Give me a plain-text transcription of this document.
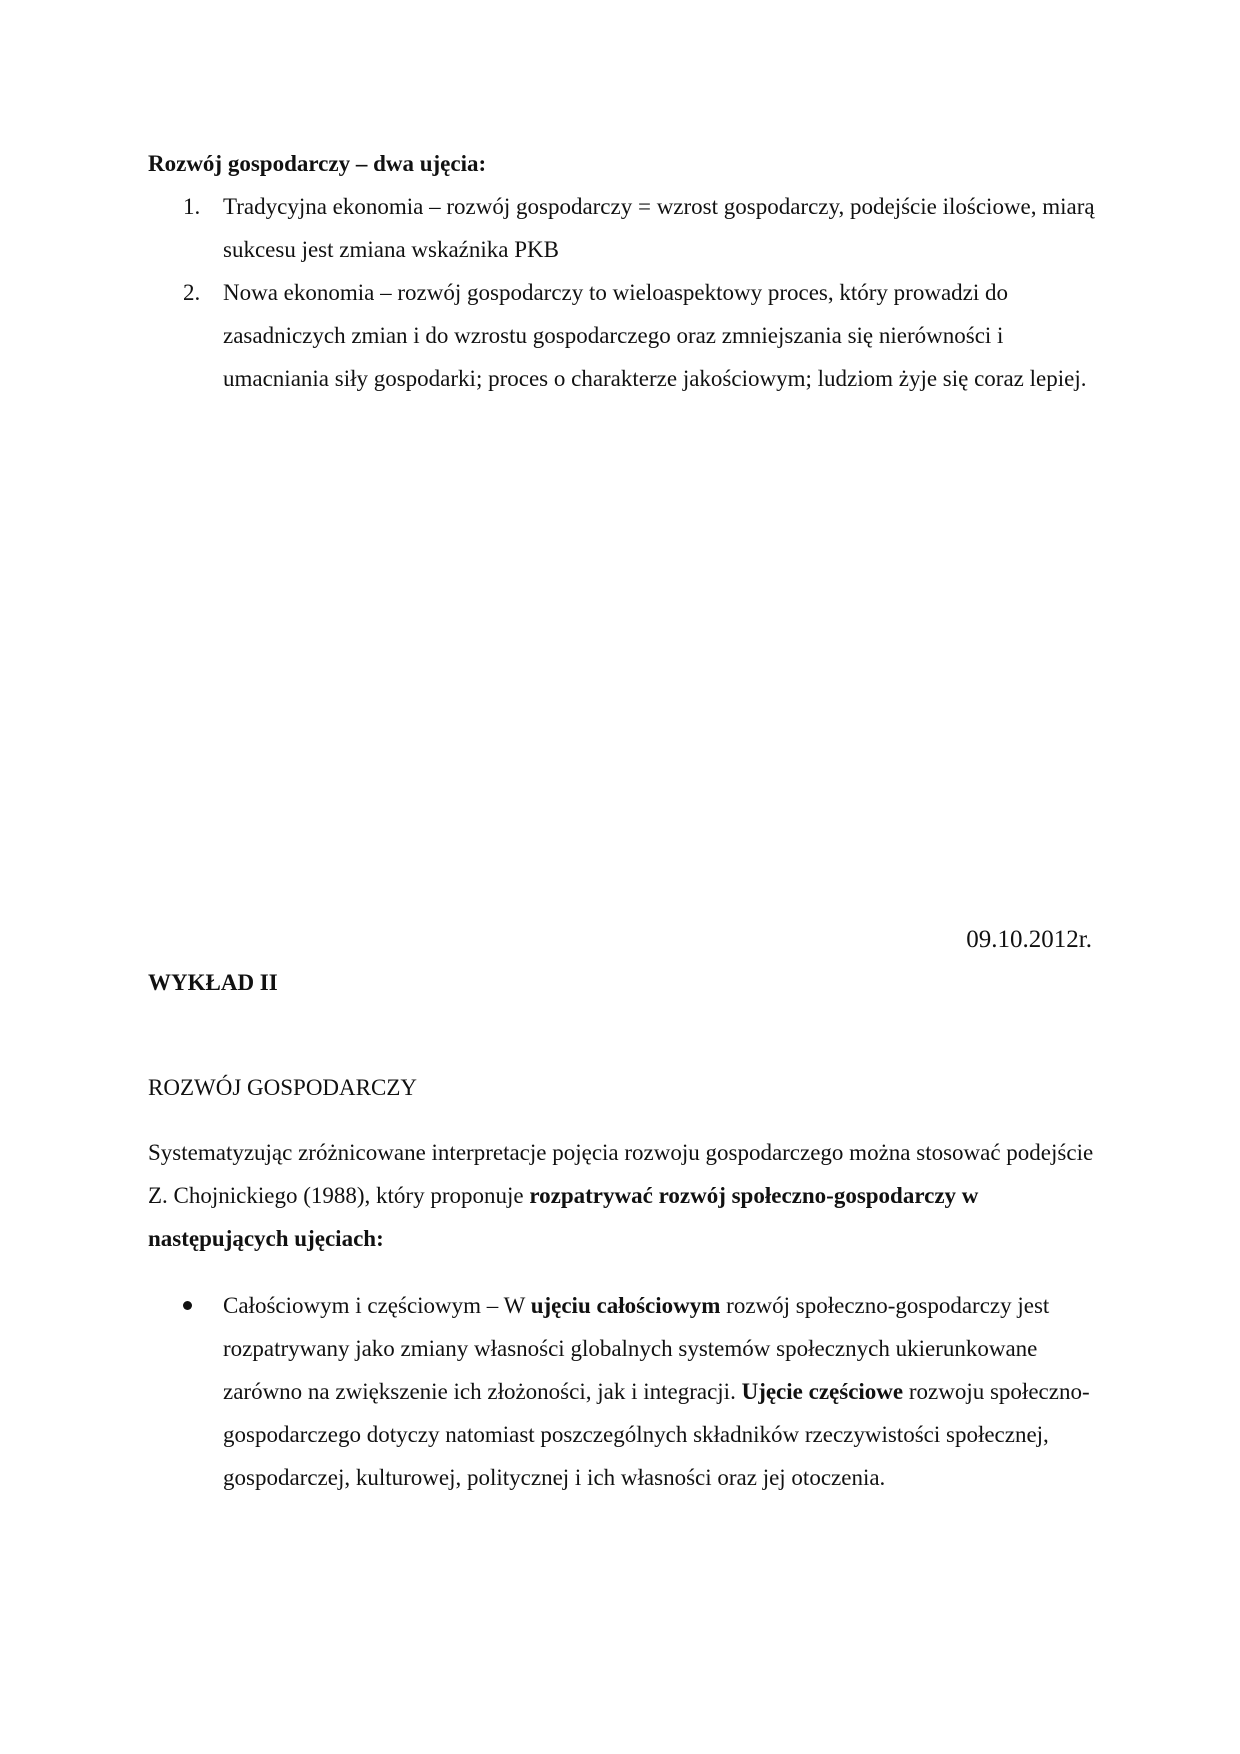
Rozwój gospodarczy – dwa ujęcia:

1. Tradycyjna ekonomia – rozwój gospodarczy = wzrost gospodarczy, podejście ilościowe, miarą sukcesu jest zmiana wskaźnika PKB
2. Nowa ekonomia – rozwój gospodarczy to wieloaspektowy proces, który prowadzi do zasadniczych zmian i do wzrostu gospodarczego oraz zmniejszania się nierówności i umacniania siły gospodarki; proces o charakterze jakościowym; ludziom żyje się coraz lepiej.
09.10.2012r.
WYKŁAD II
ROZWÓJ GOSPODARCZY

Systematyzując zróżnicowane interpretacje pojęcia rozwoju gospodarczego można stosować podejście Z. Chojnickiego (1988), który proponuje rozpatrywać rozwój społeczno-gospodarczy w następujących ujęciach:

Całościowym i częściowym – W ujęciu całościowym rozwój społeczno-gospodarczy jest rozpatrywany jako zmiany własności globalnych systemów społecznych ukierunkowane zarówno na zwiększenie ich złożoności, jak i integracji. Ujęcie częściowe rozwoju społeczno-gospodarczego dotyczy natomiast poszczególnych składników rzeczywistości społecznej, gospodarczej, kulturowej, politycznej i ich własności oraz jej otoczenia.
